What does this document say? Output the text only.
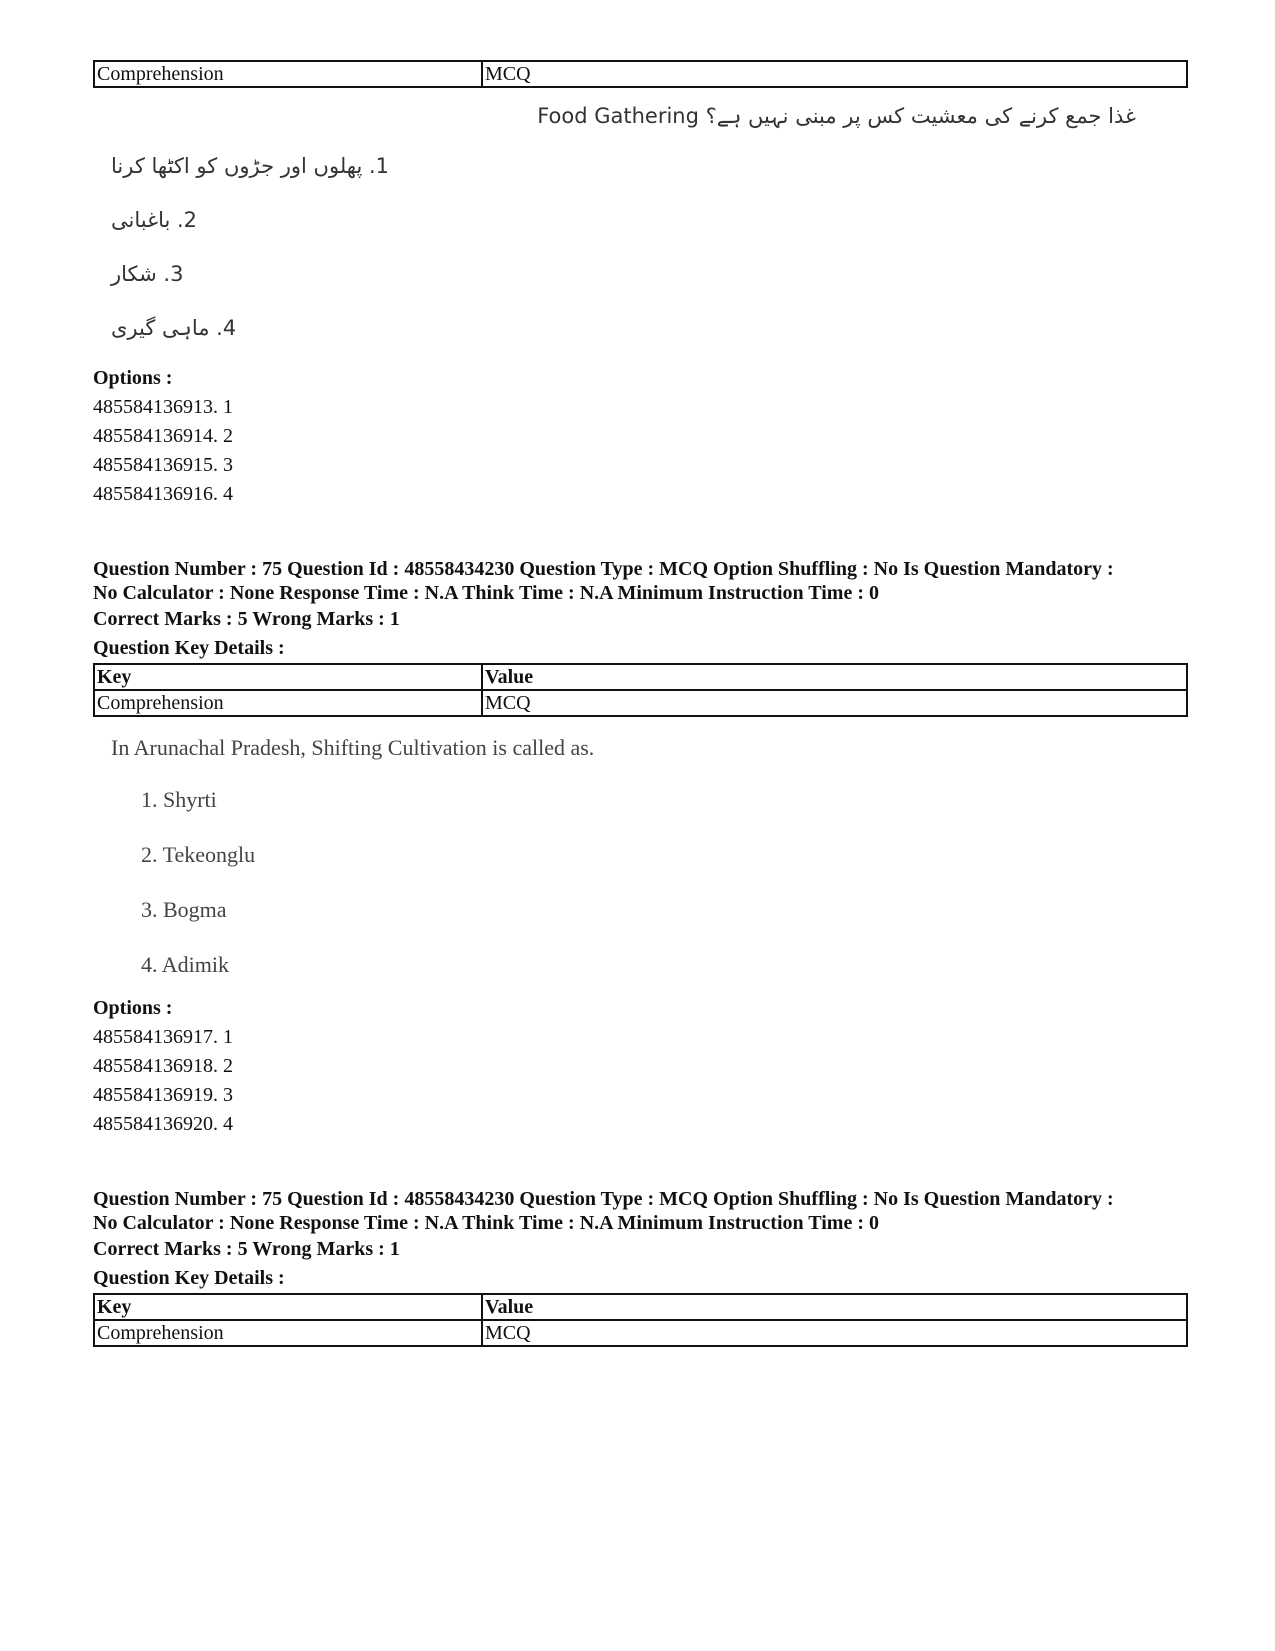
Comprehension	MCQ
غذا جمع کرنے کی معشیت کس پر مبنی نہیں ہے؟ Food Gathering
1. پھلوں اور جڑوں کو اکٹھا کرنا
2. باغبانی
3. شکار
4. ماہی گیری
Options :
485584136913. 1
485584136914. 2
485584136915. 3
485584136916. 4
Question Number : 75 Question Id : 48558434230 Question Type : MCQ Option Shuffling : No Is Question Mandatory :
No Calculator : None Response Time : N.A Think Time : N.A Minimum Instruction Time : 0
Correct Marks : 5 Wrong Marks : 1
Question Key Details :
Key	Value
Comprehension	MCQ
In Arunachal Pradesh, Shifting Cultivation is called as.
1. Shyrti
2. Tekeonglu
3. Bogma
4. Adimik
Options :
485584136917. 1
485584136918. 2
485584136919. 3
485584136920. 4
Question Number : 75 Question Id : 48558434230 Question Type : MCQ Option Shuffling : No Is Question Mandatory :
No Calculator : None Response Time : N.A Think Time : N.A Minimum Instruction Time : 0
Correct Marks : 5 Wrong Marks : 1
Question Key Details :
Key	Value
Comprehension	MCQ
